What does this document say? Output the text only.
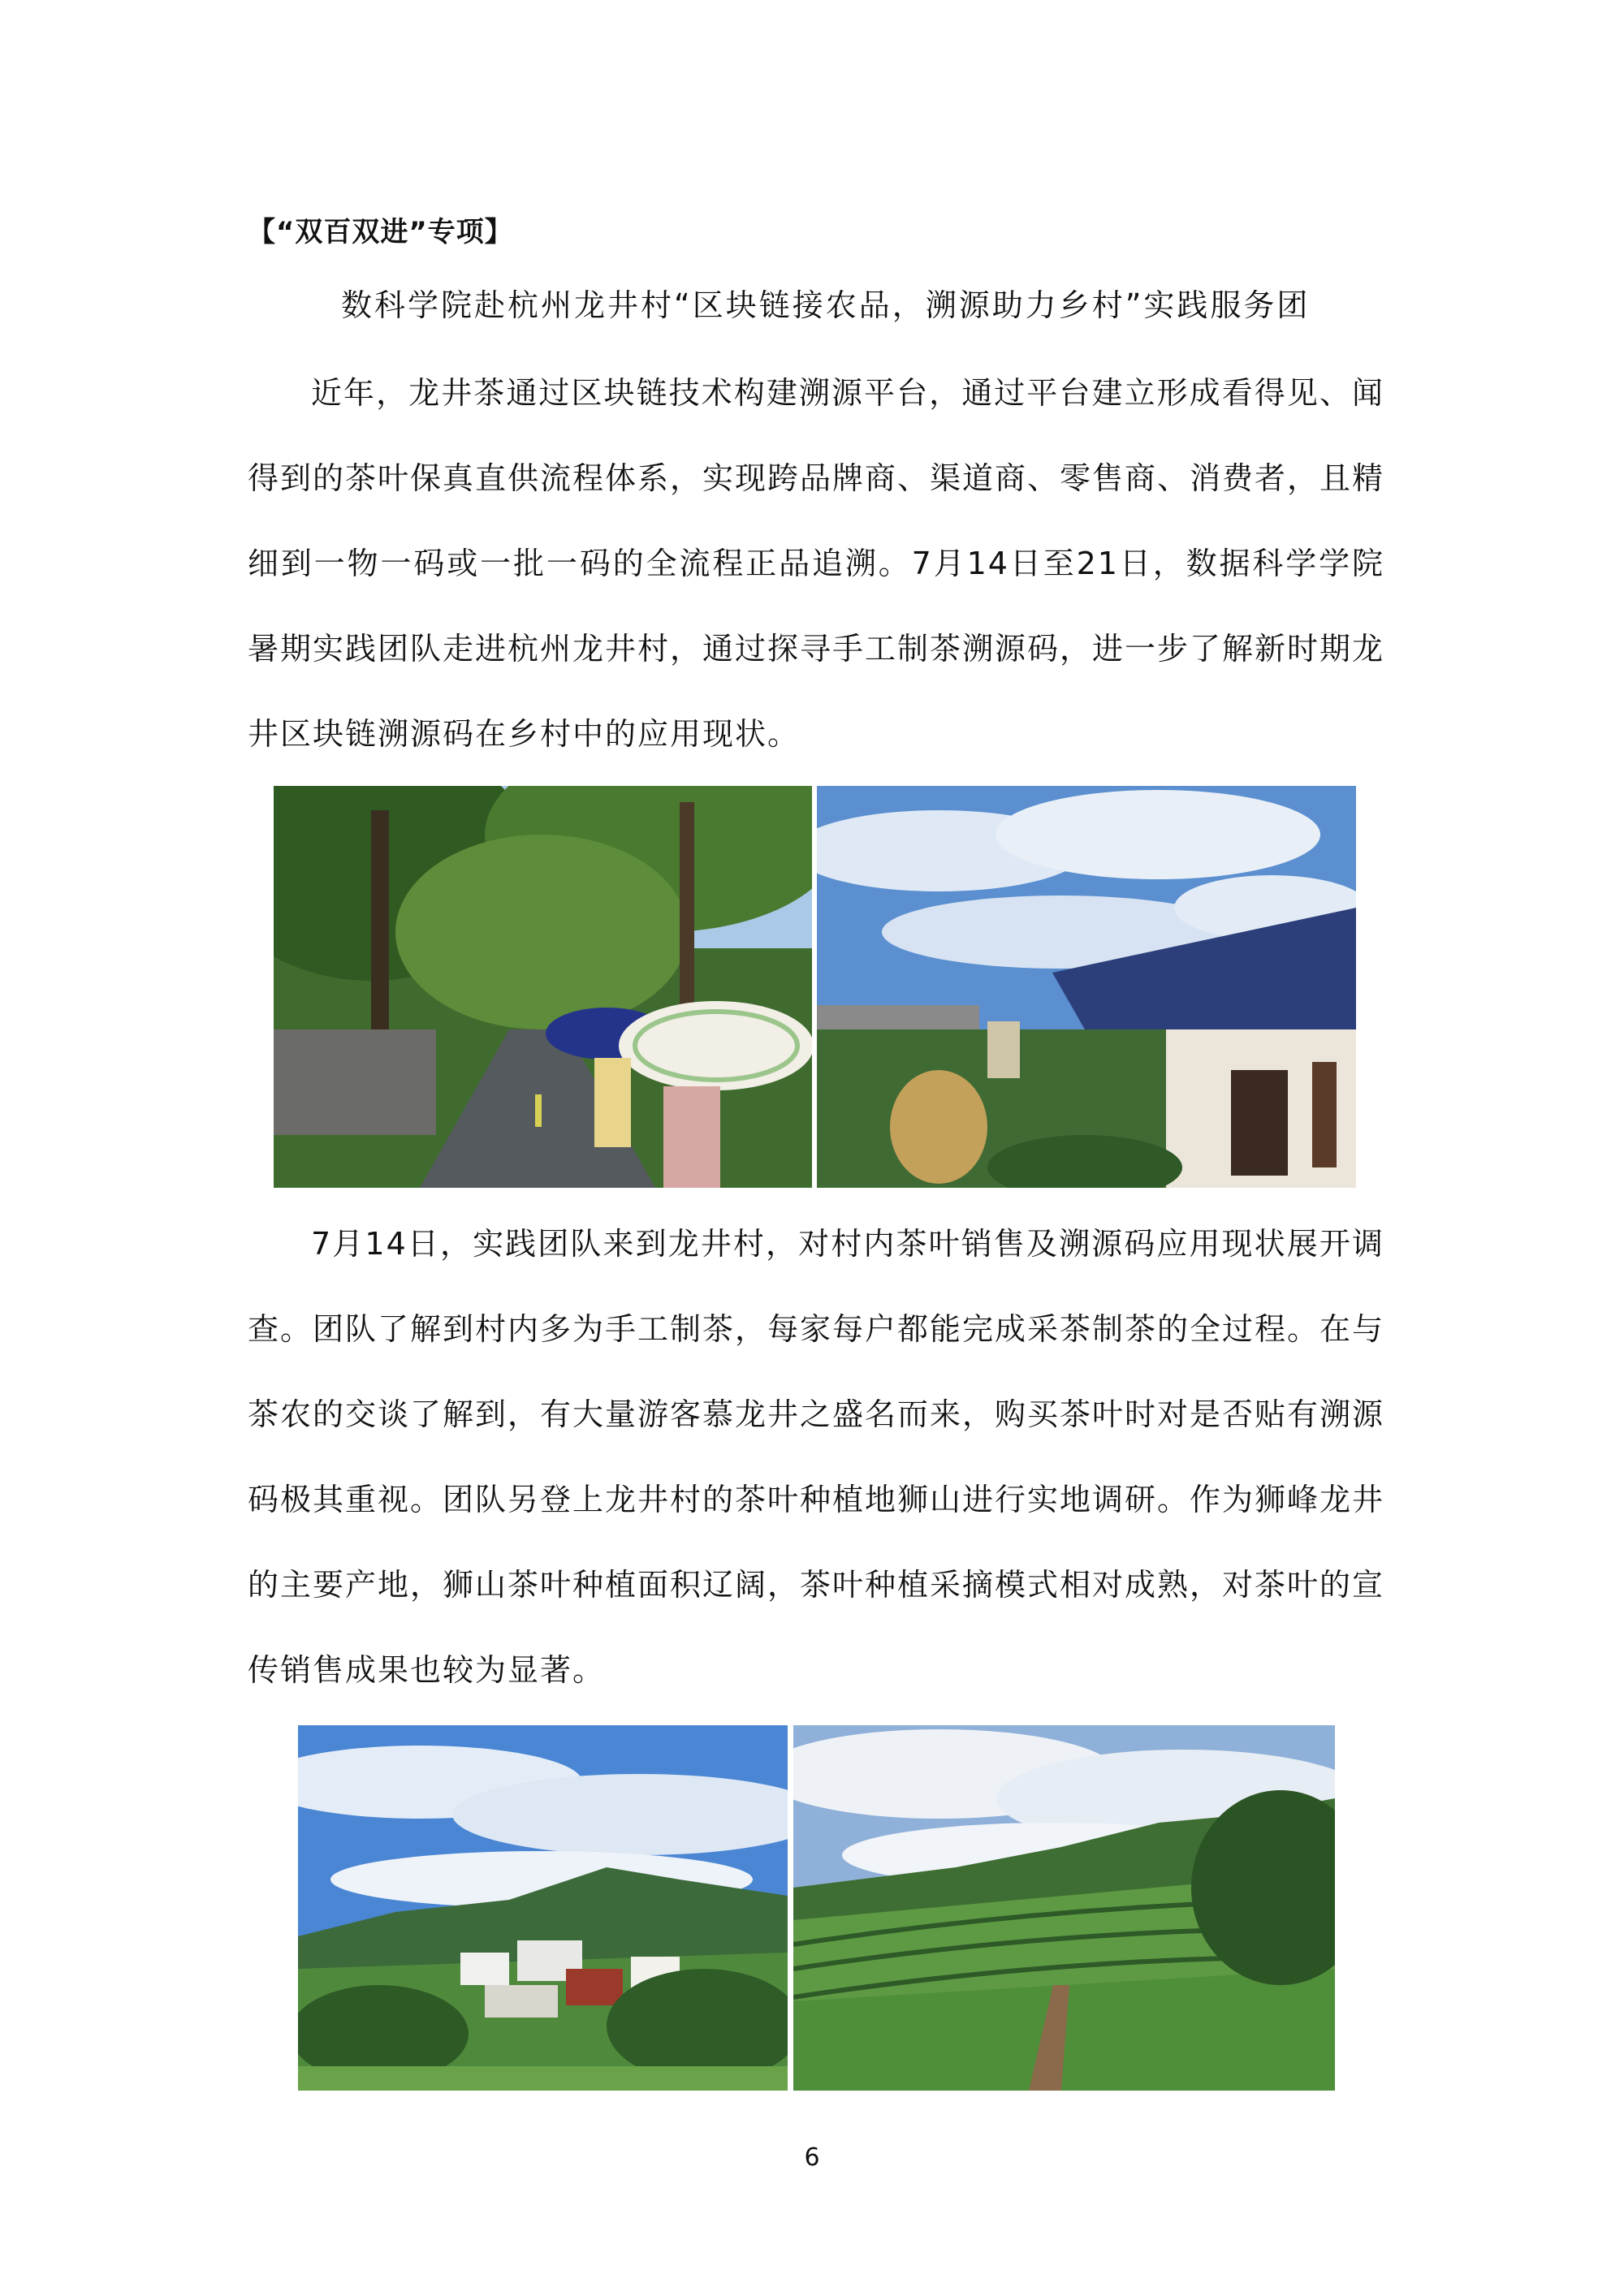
【“双百双进”专项】
数科学院赴杭州龙井村“区块链接农品，溯源助力乡村”实践服务团

近年，龙井茶通过区块链技术构建溯源平台，通过平台建立形成看得见、闻得到的茶叶保真直供流程体系，实现跨品牌商、渠道商、零售商、消费者，且精细到一物一码或一批一码的全流程正品追溯。7月14日至21日，数据科学学院暑期实践团队走进杭州龙井村，通过探寻手工制茶溯源码，进一步了解新时期龙井区块链溯源码在乡村中的应用现状。

7月14日，实践团队来到龙井村，对村内茶叶销售及溯源码应用现状展开调查。团队了解到村内多为手工制茶，每家每户都能完成采茶制茶的全过程。在与茶农的交谈了解到，有大量游客慕龙井之盛名而来，购买茶叶时对是否贴有溯源码极其重视。团队另登上龙井村的茶叶种植地狮山进行实地调研。作为狮峰龙井的主要产地，狮山茶叶种植面积辽阔，茶叶种植采摘模式相对成熟，对茶叶的宣传销售成果也较为显著。

6
